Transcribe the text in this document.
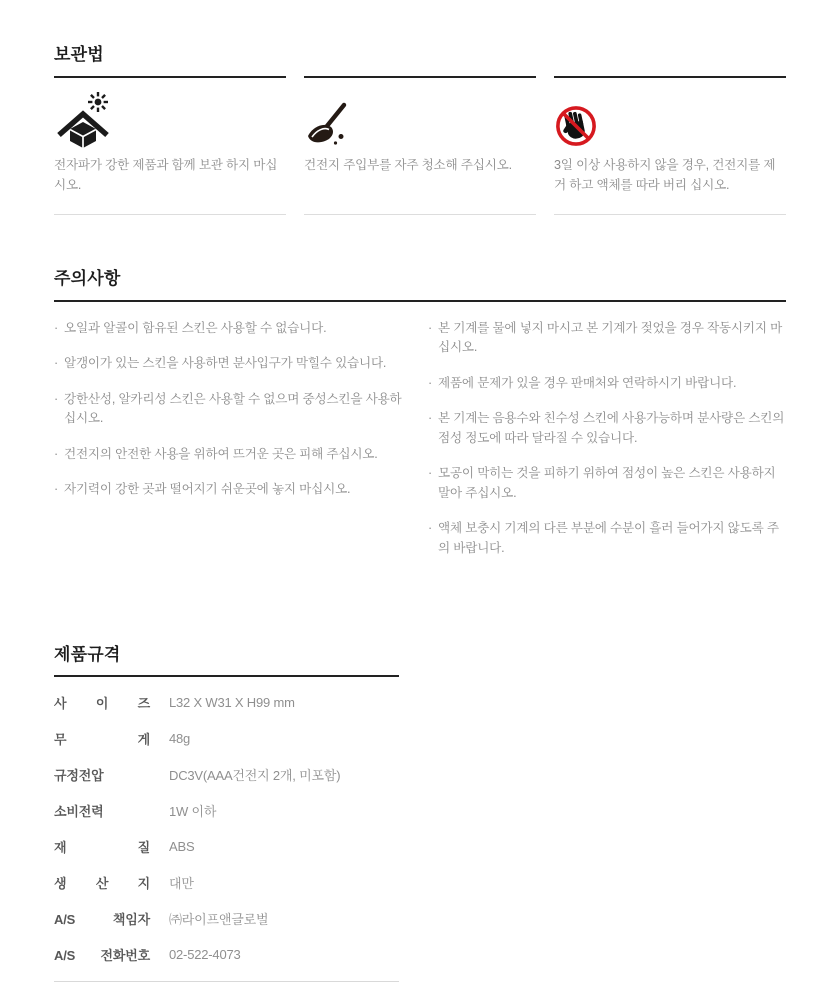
보관법

전자파가 강한 제품과 함께 보관 하지 마십시오.

건전지 주입부를 자주 청소해 주십시오.	3일 이상 사용하지 않을 경우, 건전지를 제거 하고 액체를 따라 버리 십시오.

주의사항
· 오일과 알콜이 함유된 스킨은 사용할 수 없습니다.
· 알갱이가 있는 스킨을 사용하면 분사입구가 막힐수 있습니다.
· 강한산성, 알카리성 스킨은 사용할 수 없으며 중성스킨을 사용하십시오.
· 건전지의 안전한 사용을 위하여 뜨거운 곳은 피해 주십시오.
· 자기력이 강한 곳과 떨어지기 쉬운곳에 놓지 마십시오.
· 본 기계를 물에 넣지 마시고 본 기계가 젖었을 경우 작동시키지 마십시오.
· 제품에 문제가 있을 경우 판매처와 연락하시기 바랍니다.
· 본 기계는 음용수와 친수성 스킨에 사용가능하며 분사량은 스킨의 점성 정도에 따라 달라질 수 있습니다.
· 모공이 막히는 것을 피하기 위하여 점성이 높은 스킨은 사용하지 말아 주십시오.
· 액체 보충시 기계의 다른 부분에 수분이 흘러 들어가지 않도록 주의 바랍니다.
제품규격
사 이 즈 L32 X W31 X H99 mm
무 게 48g
규정전압	DC3V(AAA건전지 2개, 미포함)
소비전력	1W 이하
재 질 ABS
생 산 지 대만
A/S 책임자 ㈜라이프앤글로벌
A/S 전화번호 02-522-4073
